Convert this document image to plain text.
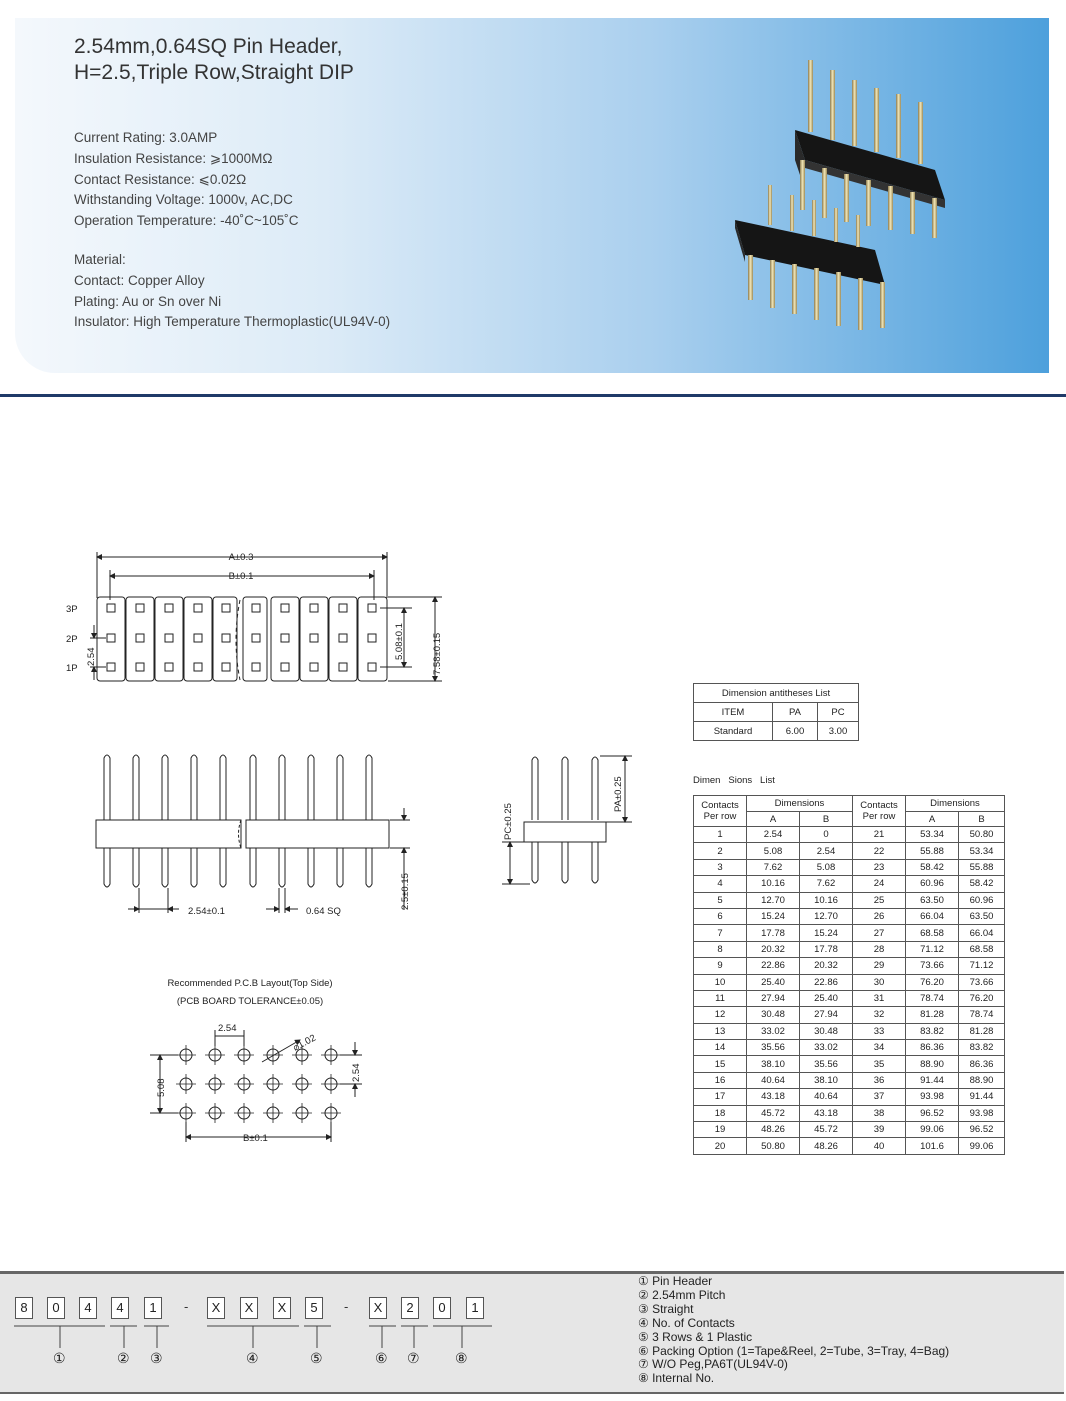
2.54mm,0.64SQ Pin Header,
H=2.5,Triple Row,Straight DIP
Current Rating: 3.0AMP
Insulation Resistance: ⩾1000MΩ
Contact Resistance: ⩽0.02Ω
Withstanding Voltage: 1000v, AC,DC
Operation Temperature: -40˚C~105˚C
Material:
Contact: Copper Alloy
Plating: Au or Sn over Ni
Insulator: High Temperature Thermoplastic(UL94V-0)
A±0.3
B±0.1
3P
2P
1P
2.54	5.08±0.1	7.58±0.15
2.54±0.1	0.64 SQ
2.5±0.15
PA±0.25
PC±0.25
Recommended P.C.B Layout(Top Side)
(PCB BOARD TOLERANCE±0.05)
2.54
⌀1.02
5.08
2.54
B±0.1
Dimension antitheses List		
ITEM	PA	PC
Standard	6.00	3.00
Dimen   Sions   List
Contacts Per row	Dimensions		Contacts Per row	Dimensions	
	A	B		A	B
1	2.54	0	21	53.34	50.80
2	5.08	2.54	22	55.88	53.34
3	7.62	5.08	23	58.42	55.88
4	10.16	7.62	24	60.96	58.42
5	12.70	10.16	25	63.50	60.96
6	15.24	12.70	26	66.04	63.50
7	17.78	15.24	27	68.58	66.04
8	20.32	17.78	28	71.12	68.58
9	22.86	20.32	29	73.66	71.12
10	25.40	22.86	30	76.20	73.66
11	27.94	25.40	31	78.74	76.20
12	30.48	27.94	32	81.28	78.74
13	33.02	30.48	33	83.82	81.28
14	35.56	33.02	34	86.36	83.82
15	38.10	35.56	35	88.90	86.36
16	40.64	38.10	36	91.44	88.90
17	43.18	40.64	37	93.98	91.44
18	45.72	43.18	38	96.52	93.98
19	48.26	45.72	39	99.06	96.52
20	50.80	48.26	40	101.6	99.06
8	0	4	4	1	X	X	X	5	X	2	0	1
-	-
①	② ③	④	⑤	⑥ ⑦	⑧
① Pin Header
② 2.54mm Pitch
③ Straight
④ No. of Contacts
⑤ 3 Rows & 1 Plastic
⑥ Packing Option (1=Tape&Reel, 2=Tube, 3=Tray, 4=Bag)
⑦ W/O Peg,PA6T(UL94V-0)
⑧ Internal No.
